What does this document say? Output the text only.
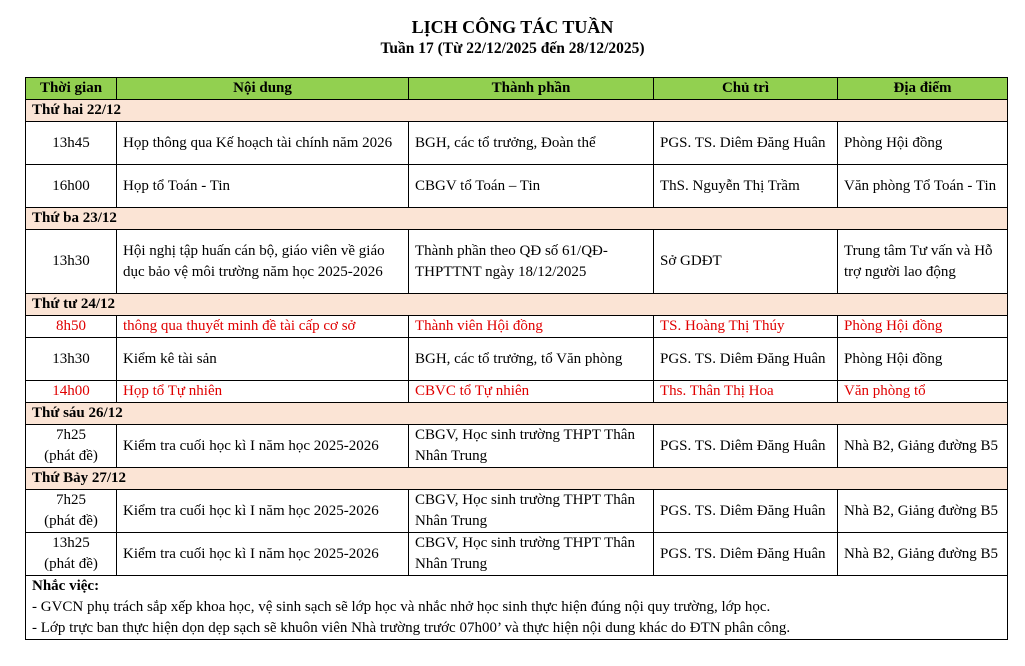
LỊCH CÔNG TÁC TUẦN
Tuần 17 (Từ 22/12/2025 đến 28/12/2025)
Thời gian	Nội dung	Thành phần	Chủ trì	Địa điểm
Thứ hai 22/12				
13h45	Họp thông qua Kế hoạch tài chính năm 2026	BGH, các tổ trưởng, Đoàn thể	PGS. TS. Diêm Đăng Huân	Phòng Hội đồng
16h00	Họp tổ Toán - Tin	CBGV tổ Toán – Tin	ThS. Nguyễn Thị Trầm	Văn phòng Tổ Toán - Tin
Thứ ba 23/12				
13h30	Hội nghị tập huấn cán bộ, giáo viên về giáo dục bảo vệ môi trường năm học 2025-2026	Thành phần theo QĐ số 61/QĐ-THPTTNT ngày 18/12/2025	Sở GDĐT	Trung tâm Tư vấn và Hỗ trợ người lao động
Thứ tư 24/12				
8h50	thông qua thuyết minh đề tài cấp cơ sở	Thành viên Hội đồng	TS. Hoàng Thị Thúy	Phòng Hội đồng
13h30	Kiểm kê tài sản	BGH, các tổ trưởng, tổ Văn phòng	PGS. TS. Diêm Đăng Huân	Phòng Hội đồng
14h00	Họp tổ Tự nhiên	CBVC tổ Tự nhiên	Ths. Thân Thị Hoa	Văn phòng tổ
Thứ sáu 26/12				
7h25
(phát đề)	Kiểm tra cuối học kì I năm học 2025-2026	CBGV, Học sinh trường THPT Thân Nhân Trung	PGS. TS. Diêm Đăng Huân	Nhà B2, Giảng đường B5
Thứ Bảy 27/12				
7h25
(phát đề)	Kiểm tra cuối học kì I năm học 2025-2026	CBGV, Học sinh trường THPT Thân Nhân Trung	PGS. TS. Diêm Đăng Huân	Nhà B2, Giảng đường B5
13h25
(phát đề)	Kiểm tra cuối học kì I năm học 2025-2026	CBGV, Học sinh trường THPT Thân Nhân Trung	PGS. TS. Diêm Đăng Huân	Nhà B2, Giảng đường B5

Nhắc việc:
- GVCN phụ trách sắp xếp khoa học, vệ sinh sạch sẽ lớp học và nhắc nhở học sinh thực hiện đúng nội quy trường, lớp học.
- Lớp trực ban thực hiện dọn dẹp sạch sẽ khuôn viên Nhà trường trước 07h00’ và thực hiện nội dung khác do ĐTN phân công.				
